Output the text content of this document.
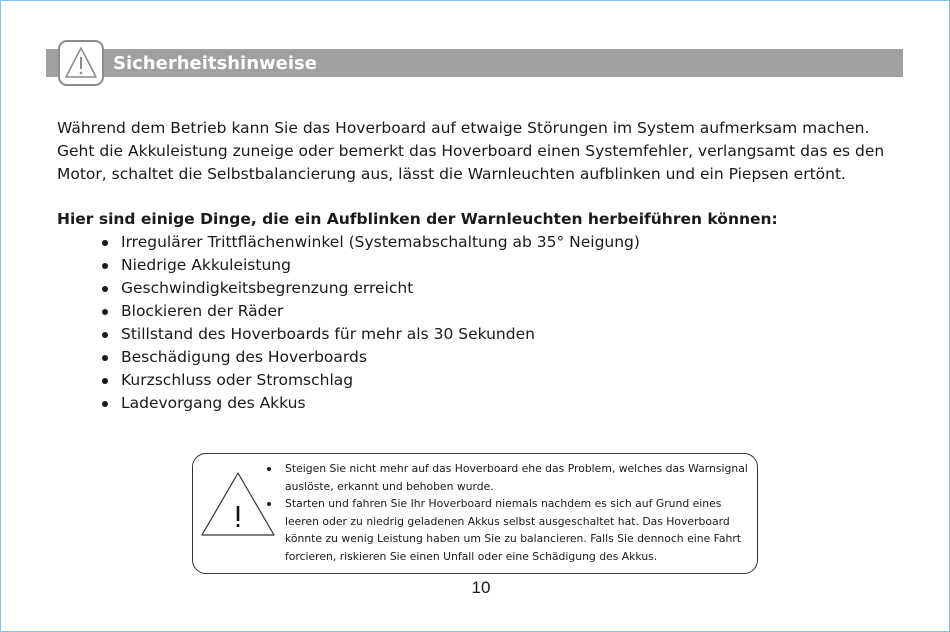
Sicherheitshinweise

Während dem Betrieb kann Sie das Hoverboard auf etwaige Störungen im System aufmerksam machen. Geht die Akkuleistung zuneige oder bemerkt das Hoverboard einen Systemfehler, verlangsamt das es den Motor, schaltet die Selbstbalancierung aus, lässt die Warnleuchten aufblinken und ein Piepsen ertönt.

Hier sind einige Dinge, die ein Aufblinken der Warnleuchten herbeiführen können:

Irregulärer Trittflächenwinkel (Systemabschaltung ab 35° Neigung)
Niedrige Akkuleistung
Geschwindigkeitsbegrenzung erreicht
Blockieren der Räder
Stillstand des Hoverboards für mehr als 30 Sekunden
Beschädigung des Hoverboards
Kurzschluss oder Stromschlag
Ladevorgang des Akkus
Steigen Sie nicht mehr auf das Hoverboard ehe das Problem, welches das Warnsignal auslöste, erkannt und behoben wurde.
Starten und fahren Sie Ihr Hoverboard niemals nachdem es sich auf Grund eines leeren oder zu niedrig geladenen Akkus selbst ausgeschaltet hat. Das Hoverboard könnte zu wenig Leistung haben um Sie zu balancieren. Falls Sie dennoch eine Fahrt forcieren, riskieren Sie einen Unfall oder eine Schädigung des Akkus.
10
